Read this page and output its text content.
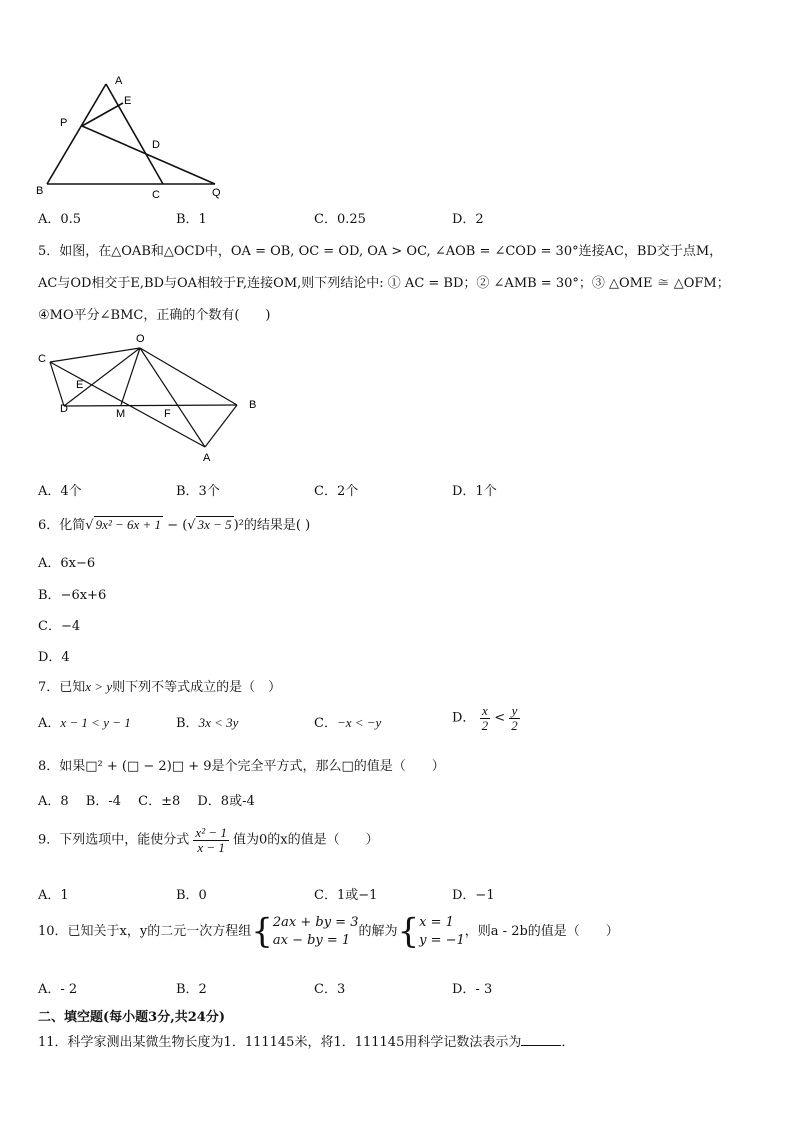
A
E
P
D
B	C	Q
A．0.5	B．1	C．0.25	D．2
5．如图，在△OAB和△OCD中，OA = OB, OC = OD, OA > OC, ∠AOB = ∠COD = 30°连接AC，BD交于点M，
AC与OD相交于E,BD与OA相较于F,连接OM,则下列结论中: ① AC = BD；② ∠AMB = 30°；③ △OME ≅ △OFM；
④MO平分∠BMC，正确的个数有(　　)
O
C
E
D	M	F
B
A
A．4个	B．3个	C．2个	D．1个
6．化简√ 9x² − 6x + 1 − (√ 3x − 5 )²的结果是( )
A．6x−6
B．−6x+6
C．−4
D．4
7．已知x > y则下列不等式成立的是（　）
A．x − 1 < y − 1	B．3x < 3y	C．−x < −y	D． $\frac{x}{2} < \frac{y}{2}$
8．如果□² + (□ − 2)□ + 9是个完全平方式，那么□的值是（　　）
A．8　 B．-4　 C．±8　 D．8或-4
9．下列选项中，能使分式 $\frac{\text{x² − 1}}{x - 1}$ 值为0的x的值是（　　）
A．1	B．0	C．1或−1	D．−1
10．已知关于x，y的二元一次方程组{2ax + by = 3
ax − by = 1的解为{x = 1
y = −1，则a - 2b的值是（　　）
A．- 2	B．2	C．3	D．- 3
二、填空题(每小题3分,共24分)
11．科学家测出某微生物长度为1．111145米，将1．111145用科学记数法表示为	．
